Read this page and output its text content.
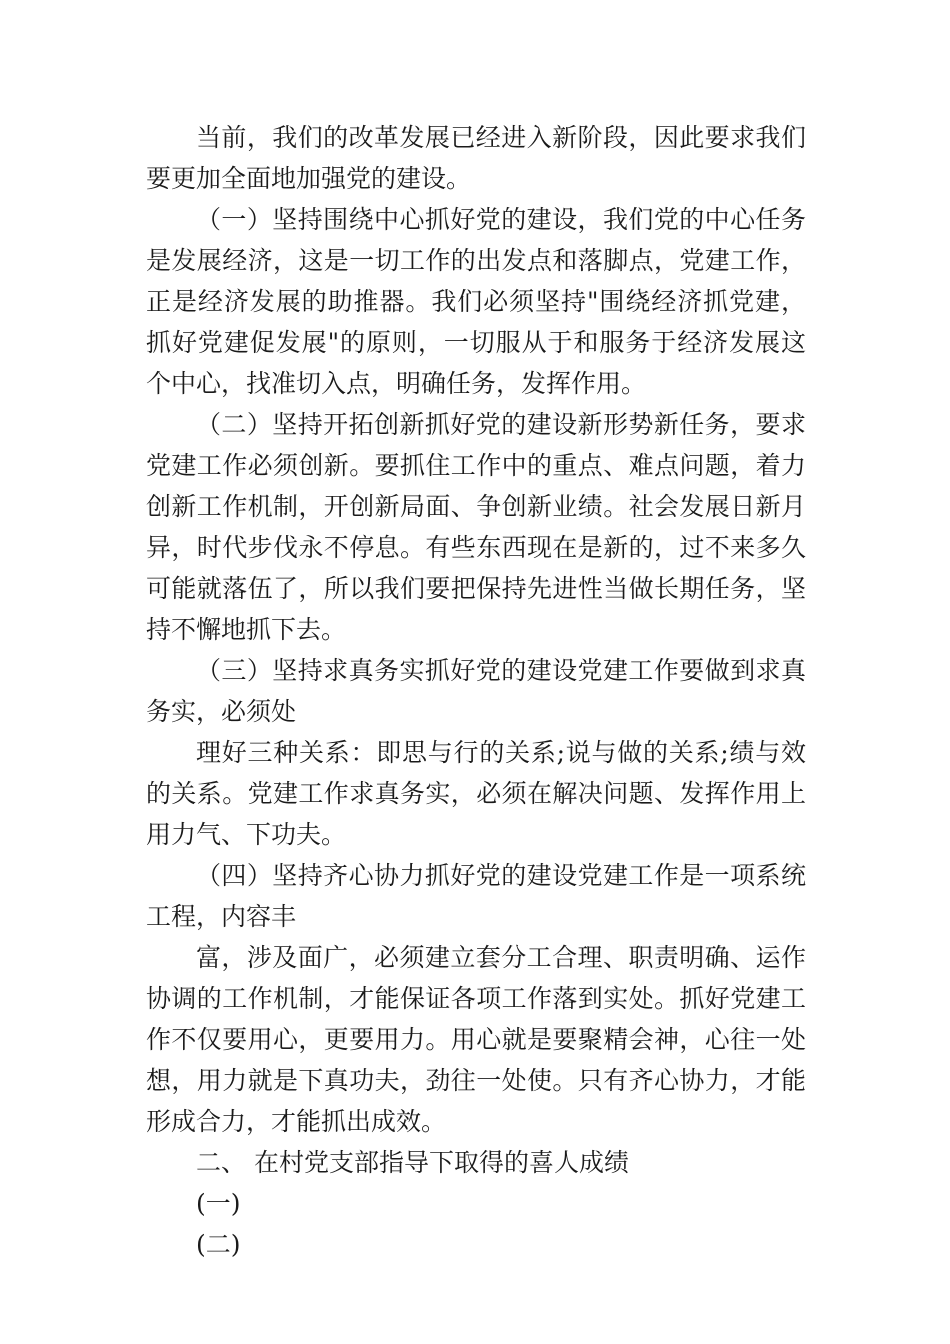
当前，我们的改革发展已经进入新阶段，因此要求我们要更加全面地加强党的建设。

（一）坚持围绕中心抓好党的建设，我们党的中心任务是发展经济，这是一切工作的出发点和落脚点，党建工作，正是经济发展的助推器。我们必须坚持"围绕经济抓党建，抓好党建促发展"的原则，一切服从于和服务于经济发展这个中心，找准切入点，明确任务，发挥作用。

（二）坚持开拓创新抓好党的建设新形势新任务，要求党建工作必须创新。要抓住工作中的重点、难点问题，着力创新工作机制，开创新局面、争创新业绩。社会发展日新月异，时代步伐永不停息。有些东西现在是新的，过不来多久可能就落伍了，所以我们要把保持先进性当做长期任务，坚持不懈地抓下去。

（三）坚持求真务实抓好党的建设党建工作要做到求真务实，必须处

理好三种关系：即思与行的关系;说与做的关系;绩与效的关系。党建工作求真务实，必须在解决问题、发挥作用上用力气、下功夫。

（四）坚持齐心协力抓好党的建设党建工作是一项系统工程，内容丰

富，涉及面广，必须建立套分工合理、职责明确、运作协调的工作机制，才能保证各项工作落到实处。抓好党建工作不仅要用心，更要用力。用心就是要聚精会神，心往一处想，用力就是下真功夫，劲往一处使。只有齐心协力，才能形成合力，才能抓出成效。

二、 在村党支部指导下取得的喜人成绩

(一)

(二)
